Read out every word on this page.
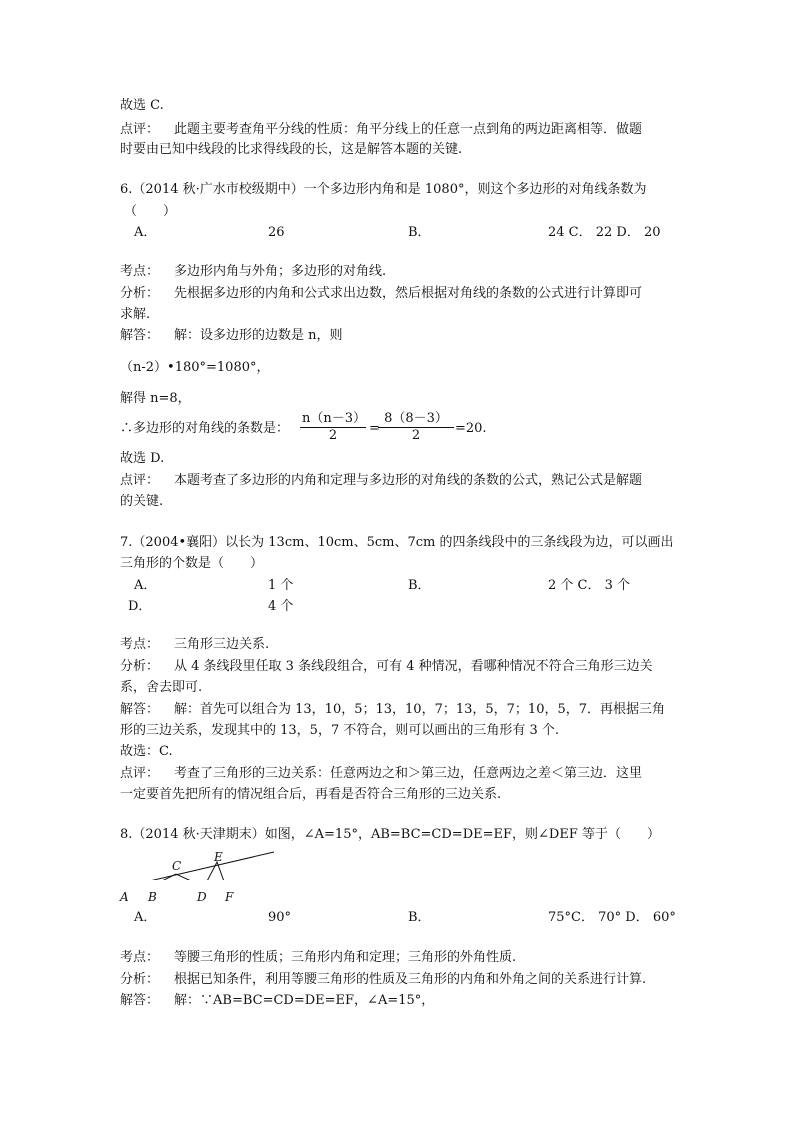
故选 C.
点评： 此题主要考查角平分线的性质：角平分线上的任意一点到角的两边距离相等．做题
时要由已知中线段的比求得线段的长，这是解答本题的关键.
6.（2014 秋·广水市校级期中）一个多边形内角和是 1080°，则这个多边形的对角线条数为
（　　）
A．	26	B．	24 C． 22 D． 20
考点： 多边形内角与外角；多边形的对角线.
分析： 先根据多边形的内角和公式求出边数，然后根据对角线的条数的公式进行计算即可
求解.
解答： 解：设多边形的边数是 n，则
（n-2）•180°=1080°，
解得 n=8，
∴多边形的对角线的条数是： $\frac{n(n-3)}{2}$ =
$\frac{8(8-3)}{2} =20$.
故选 D.
点评： 本题考查了多边形的内角和定理与多边形的对角线的条数的公式，熟记公式是解题
的关键.
7.（2004•襄阳）以长为 13cm、10cm、5cm、7cm 的四条线段中的三条线段为边，可以画出
三角形的个数是（　　）
A．	1 个	B．	2 个 C． 3 个
D．	4 个
考点： 三角形三边关系.
分析： 从 4 条线段里任取 3 条线段组合，可有 4 种情况，看哪种情况不符合三角形三边关
系，舍去即可.
解答： 解：首先可以组合为 13，10，5；13，10，7；13，5，7；10，5，7．再根据三角
形的三边关系，发现其中的 13，5，7 不符合，则可以画出的三角形有 3 个.
故选：C.
点评： 考查了三角形的三边关系：任意两边之和＞第三边，任意两边之差＜第三边．这里
一定要首先把所有的情况组合后，再看是否符合三角形的三边关系.
8.（2014 秋·天津期末）如图，∠A=15°，AB=BC=CD=DE=EF，则∠DEF 等于（　　）
C
E
A B	D F
A．	90°	B．	75°C． 70° D． 60°
考点： 等腰三角形的性质；三角形内角和定理；三角形的外角性质.
分析： 根据已知条件，利用等腰三角形的性质及三角形的内角和外角之间的关系进行计算.
解答： 解：∵AB=BC=CD=DE=EF，∠A=15°，
